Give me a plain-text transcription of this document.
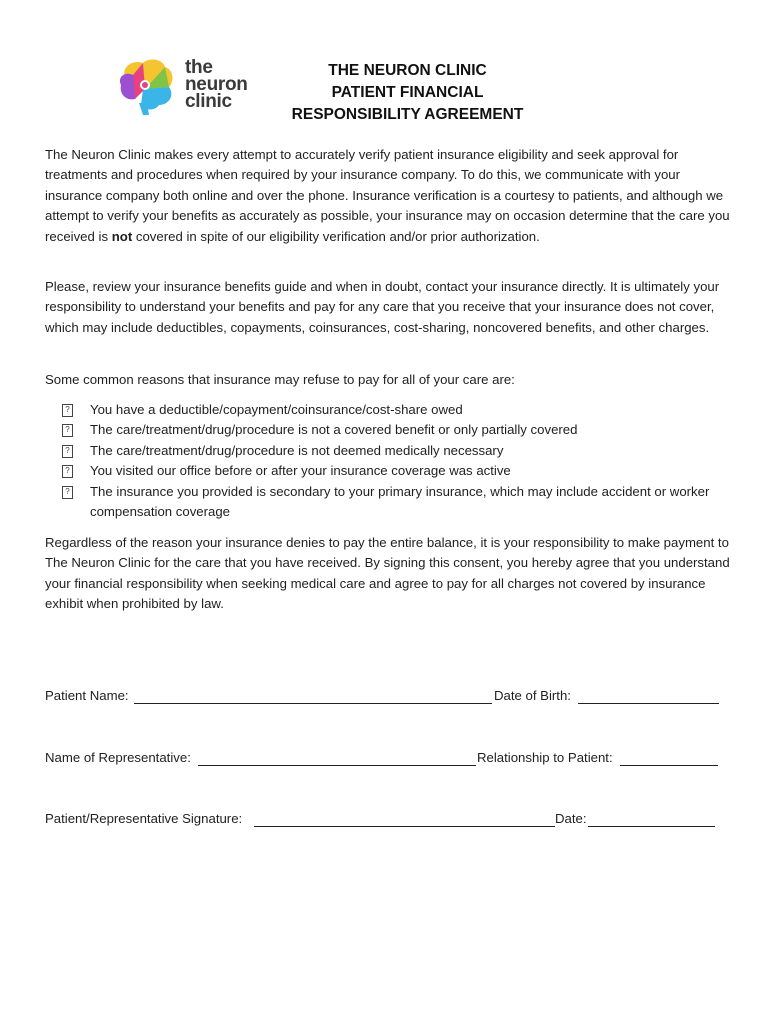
the
neuron
clinic
THE NEURON CLINIC
PATIENT FINANCIAL
RESPONSIBILITY AGREEMENT

The Neuron Clinic makes every attempt to accurately verify patient insurance eligibility and seek approval for treatments and procedures when required by your insurance company. To do this, we communicate with your insurance company both online and over the phone. Insurance verification is a courtesy to patients, and although we attempt to verify your benefits as accurately as possible, your insurance may on occasion determine that the care you received is not covered in spite of our eligibility verification and/or prior authorization.

Please, review your insurance benefits guide and when in doubt, contact your insurance directly. It is ultimately your responsibility to understand your benefits and pay for any care that you receive that your insurance does not cover, which may include deductibles, copayments, coinsurances, cost-sharing, noncovered benefits, and other charges.

Some common reasons that insurance may refuse to pay for all of your care are:

? You have a deductible/copayment/coinsurance/cost-share owed
? The care/treatment/drug/procedure is not a covered benefit or only partially covered
? The care/treatment/drug/procedure is not deemed medically necessary
? You visited our office before or after your insurance coverage was active
? The insurance you provided is secondary to your primary insurance, which may include accident or worker compensation coverage

Regardless of the reason your insurance denies to pay the entire balance, it is your responsibility to make payment to The Neuron Clinic for the care that you have received. By signing this consent, you hereby agree that you understand your financial responsibility when seeking medical care and agree to pay for all charges not covered by insurance exhibit when prohibited by law.

Patient Name:	Date of Birth:
Name of Representative:	Relationship to Patient:
Patient/Representative Signature:	Date:
